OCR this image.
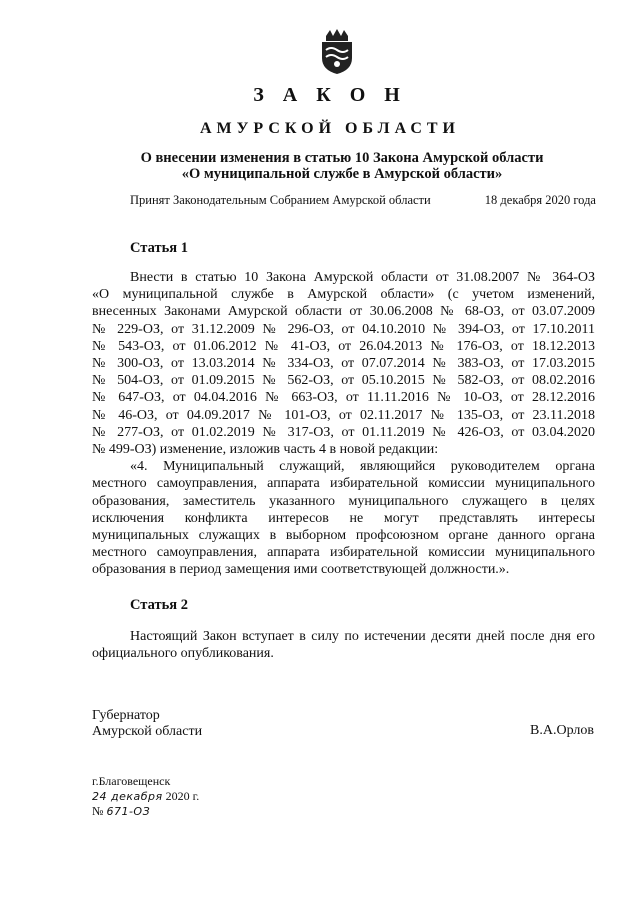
З А К О Н
АМУРСКОЙ ОБЛАСТИ
О внесении изменения в статью 10 Закона Амурской области
«О муниципальной службе в Амурской области»
Принят Законодательным Собранием Амурской области	18 декабря 2020 года
Статья 1
Внести в статью 10 Закона Амурской области от 31.08.2007 № 364-ОЗ
«О муниципальной службе в Амурской области» (с учетом изменений,
внесенных Законами Амурской области от 30.06.2008 № 68-ОЗ, от 03.07.2009
№ 229-ОЗ, от 31.12.2009 № 296-ОЗ, от 04.10.2010 № 394-ОЗ, от 17.10.2011
№ 543-ОЗ, от 01.06.2012 № 41-ОЗ, от 26.04.2013 № 176-ОЗ, от 18.12.2013
№ 300-ОЗ, от 13.03.2014 № 334-ОЗ, от 07.07.2014 № 383-ОЗ, от 17.03.2015
№ 504-ОЗ, от 01.09.2015 № 562-ОЗ, от 05.10.2015 № 582-ОЗ, от 08.02.2016
№ 647-ОЗ, от 04.04.2016 № 663-ОЗ, от 11.11.2016 № 10-ОЗ, от 28.12.2016
№ 46-ОЗ, от 04.09.2017 № 101-ОЗ, от 02.11.2017 № 135-ОЗ, от 23.11.2018
№ 277-ОЗ, от 01.02.2019 № 317-ОЗ, от 01.11.2019 № 426-ОЗ, от 03.04.2020
№ 499-ОЗ) изменение, изложив часть 4 в новой редакции:
«4. Муниципальный служащий, являющийся руководителем органа
местного самоуправления, аппарата избирательной комиссии муниципального
образования, заместитель указанного муниципального служащего в целях
исключения конфликта интересов не могут представлять интересы
муниципальных служащих в выборном профсоюзном органе данного органа
местного самоуправления, аппарата избирательной комиссии муниципального
образования в период замещения ими соответствующей должности.».
Статья 2
Настоящий Закон вступает в силу по истечении десяти дней после дня его
официального опубликования.
Губернатор
Амурской области	В.А.Орлов
г.Благовещенск
24 декабря 2020 г.
№ 671-ОЗ
